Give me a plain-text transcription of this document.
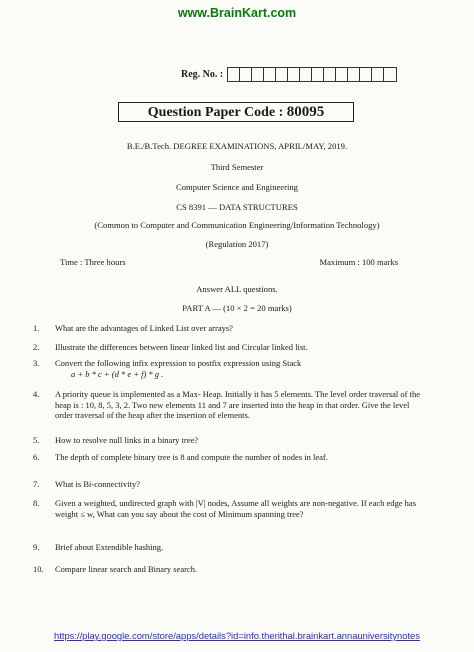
www.BrainKart.com
Reg. No. :
Question Paper Code : 80095
B.E./B.Tech. DEGREE EXAMINATIONS, APRIL/MAY, 2019.
Third Semester
Computer Science and Engineering
CS 8391 — DATA STRUCTURES
(Common to Computer and Communication Engineering/Information Technology)
(Regulation 2017)
Time : Three hours	Maximum : 100 marks
Answer ALL questions.
PART A — (10 × 2 = 20 marks)
1.	What are the advantages of Linked List over arrays?
2.	Illustrate the differences between linear linked list and Circular linked list.
3.	Convert the following infix expression to postfix expression using Stack
a + b * c + (d * e + f) * g .
4.	A priority queue is implemented as a Max- Heap. Initially it has 5 elements. The level order traversal of the heap is : 10, 8, 5, 3, 2. Two new elements 11 and 7 are inserted into the heap in that order. Give the level order traversal of the heap after the insertion of elements.
5.	How to resolve null links in a binary tree?
6.	The depth of complete binary tree is 8 and compute the number of nodes in leaf.
7.	What is Bi-connectivity?
8.	Given a weighted, undirected graph with |V| nodes, Assume all weights are non-negative. If each edge has weight ≤ w, What can you say about the cost of Minimum spanning tree?
9.	Brief about Extendible hashing.
10.	Compare linear search and Binary search.
https://play.google.com/store/apps/details?id=info.therithal.brainkart.annauniversitynotes
